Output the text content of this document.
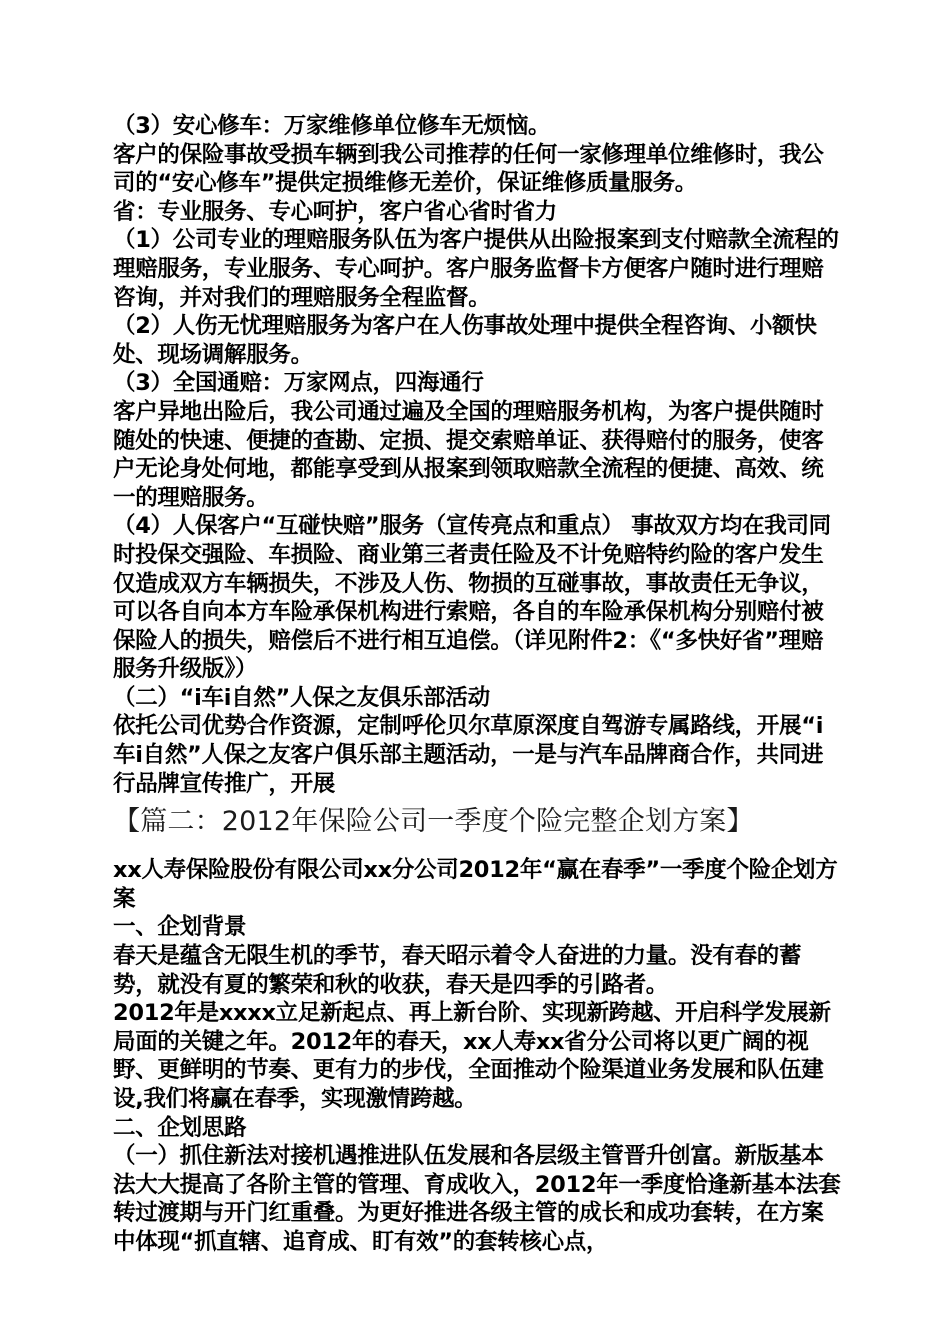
（3）安心修车：万家维修单位修车无烦恼。

客户的保险事故受损车辆到我公司推荐的任何一家修理单位维修时，我公司的“安心修车”提供定损维修无差价，保证维修质量服务。

省：专业服务、专心呵护，客户省心省时省力

（1）公司专业的理赔服务队伍为客户提供从出险报案到支付赔款全流程的理赔服务，专业服务、专心呵护。客户服务监督卡方便客户随时进行理赔咨询，并对我们的理赔服务全程监督。

（2）人伤无忧理赔服务为客户在人伤事故处理中提供全程咨询、小额快处、现场调解服务。

（3）全国通赔：万家网点，四海通行

客户异地出险后，我公司通过遍及全国的理赔服务机构，为客户提供随时随处的快速、便捷的查勘、定损、提交索赔单证、获得赔付的服务，使客户无论身处何地，都能享受到从报案到领取赔款全流程的便捷、高效、统一的理赔服务。

（4）人保客户“互碰快赔”服务（宣传亮点和重点） 事故双方均在我司同时投保交强险、车损险、商业第三者责任险及不计免赔特约险的客户发生仅造成双方车辆损失，不涉及人伤、物损的互碰事故，事故责任无争议，可以各自向本方车险承保机构进行索赔，各自的车险承保机构分别赔付被保险人的损失，赔偿后不进行相互追偿。（详见附件2：《“多快好省”理赔服务升级版》）

（二）“i车i自然”人保之友俱乐部活动

依托公司优势合作资源，定制呼伦贝尔草原深度自驾游专属路线，开展“i车i自然”人保之友客户俱乐部主题活动，一是与汽车品牌商合作，共同进行品牌宣传推广，开展

【篇二：2012年保险公司一季度个险完整企划方案】

xx人寿保险股份有限公司xx分公司2012年“赢在春季”一季度个险企划方案

一、企划背景

春天是蕴含无限生机的季节，春天昭示着令人奋进的力量。没有春的蓄势，就没有夏的繁荣和秋的收获，春天是四季的引路者。

2012年是xxxx立足新起点、再上新台阶、实现新跨越、开启科学发展新局面的关键之年。2012年的春天，xx人寿xx省分公司将以更广阔的视野、更鲜明的节奏、更有力的步伐，全面推动个险渠道业务发展和队伍建设,我们将赢在春季，实现激情跨越。

二、企划思路

（一）抓住新法对接机遇推进队伍发展和各层级主管晋升创富。新版基本法大大提高了各阶主管的管理、育成收入，2012年一季度恰逢新基本法套转过渡期与开门红重叠。为更好推进各级主管的成长和成功套转，在方案中体现“抓直辖、追育成、盯有效”的套转核心点，
